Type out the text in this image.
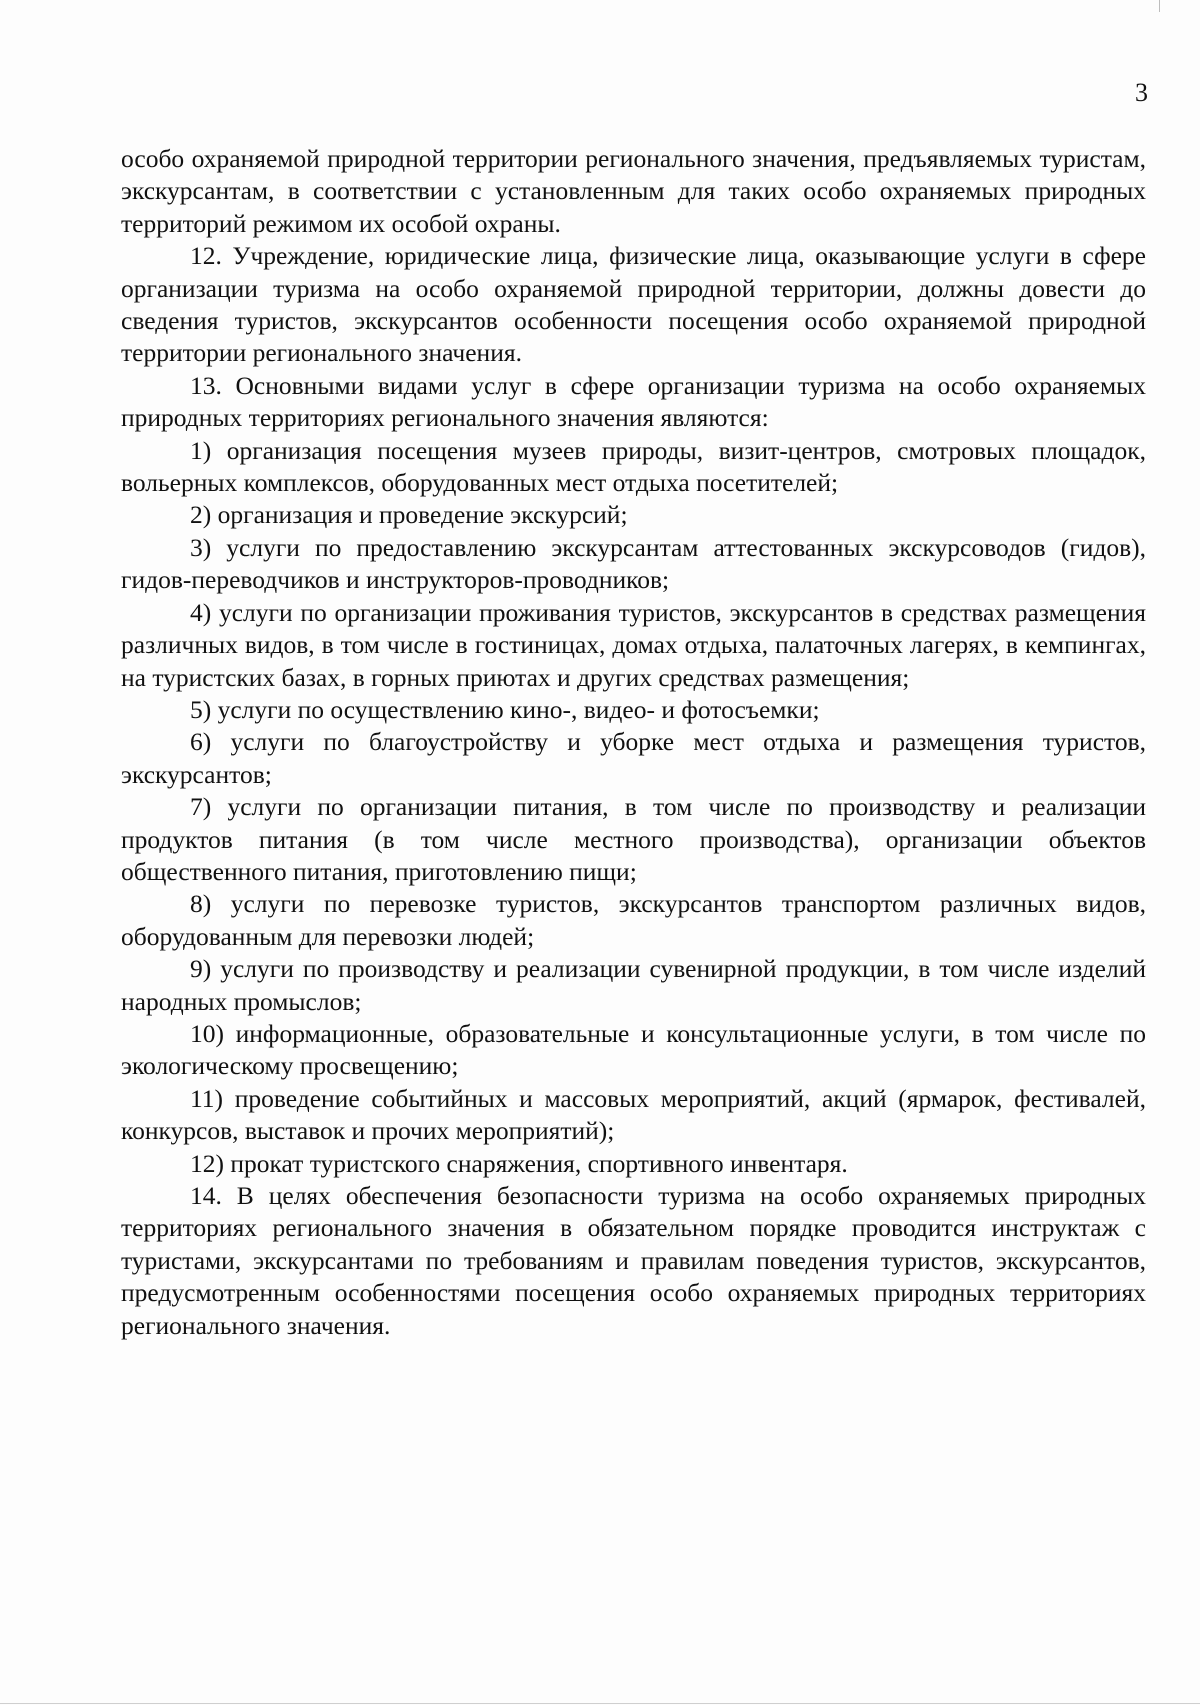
3

особо охраняемой природной территории регионального значения, предъявляемых туристам, экскурсантам, в соответствии с установленным для таких особо охраняемых природных территорий режимом их особой охраны.

12. Учреждение, юридические лица, физические лица, оказывающие услуги в сфере организации туризма на особо охраняемой природной территории, должны довести до сведения туристов, экскурсантов особенности посещения особо охраняемой природной территории регионального значения.

13. Основными видами услуг в сфере организации туризма на особо охраняемых природных территориях регионального значения являются:

1) организация посещения музеев природы, визит-центров, смотровых площадок, вольерных комплексов, оборудованных мест отдыха посетителей;

2) организация и проведение экскурсий;

3) услуги по предоставлению экскурсантам аттестованных экскурсоводов (гидов), гидов-переводчиков и инструкторов-проводников;

4) услуги по организации проживания туристов, экскурсантов в средствах размещения различных видов, в том числе в гостиницах, домах отдыха, палаточных лагерях, в кемпингах, на туристских базах, в горных приютах и других средствах размещения;

5) услуги по осуществлению кино-, видео- и фотосъемки;

6) услуги по благоустройству и уборке мест отдыха и размещения туристов, экскурсантов;

7) услуги по организации питания, в том числе по производству и реализации продуктов питания (в том числе местного производства), организации объектов общественного питания, приготовлению пищи;

8) услуги по перевозке туристов, экскурсантов транспортом различных видов, оборудованным для перевозки людей;

9) услуги по производству и реализации сувенирной продукции, в том числе изделий народных промыслов;

10) информационные, образовательные и консультационные услуги, в том числе по экологическому просвещению;

11) проведение событийных и массовых мероприятий, акций (ярмарок, фестивалей, конкурсов, выставок и прочих мероприятий);

12) прокат туристского снаряжения, спортивного инвентаря.

14. В целях обеспечения безопасности туризма на особо охраняемых природных территориях регионального значения в обязательном порядке проводится инструктаж с туристами, экскурсантами по требованиям и правилам поведения туристов, экскурсантов, предусмотренным особенностями посещения особо охраняемых природных территориях регионального значения.
